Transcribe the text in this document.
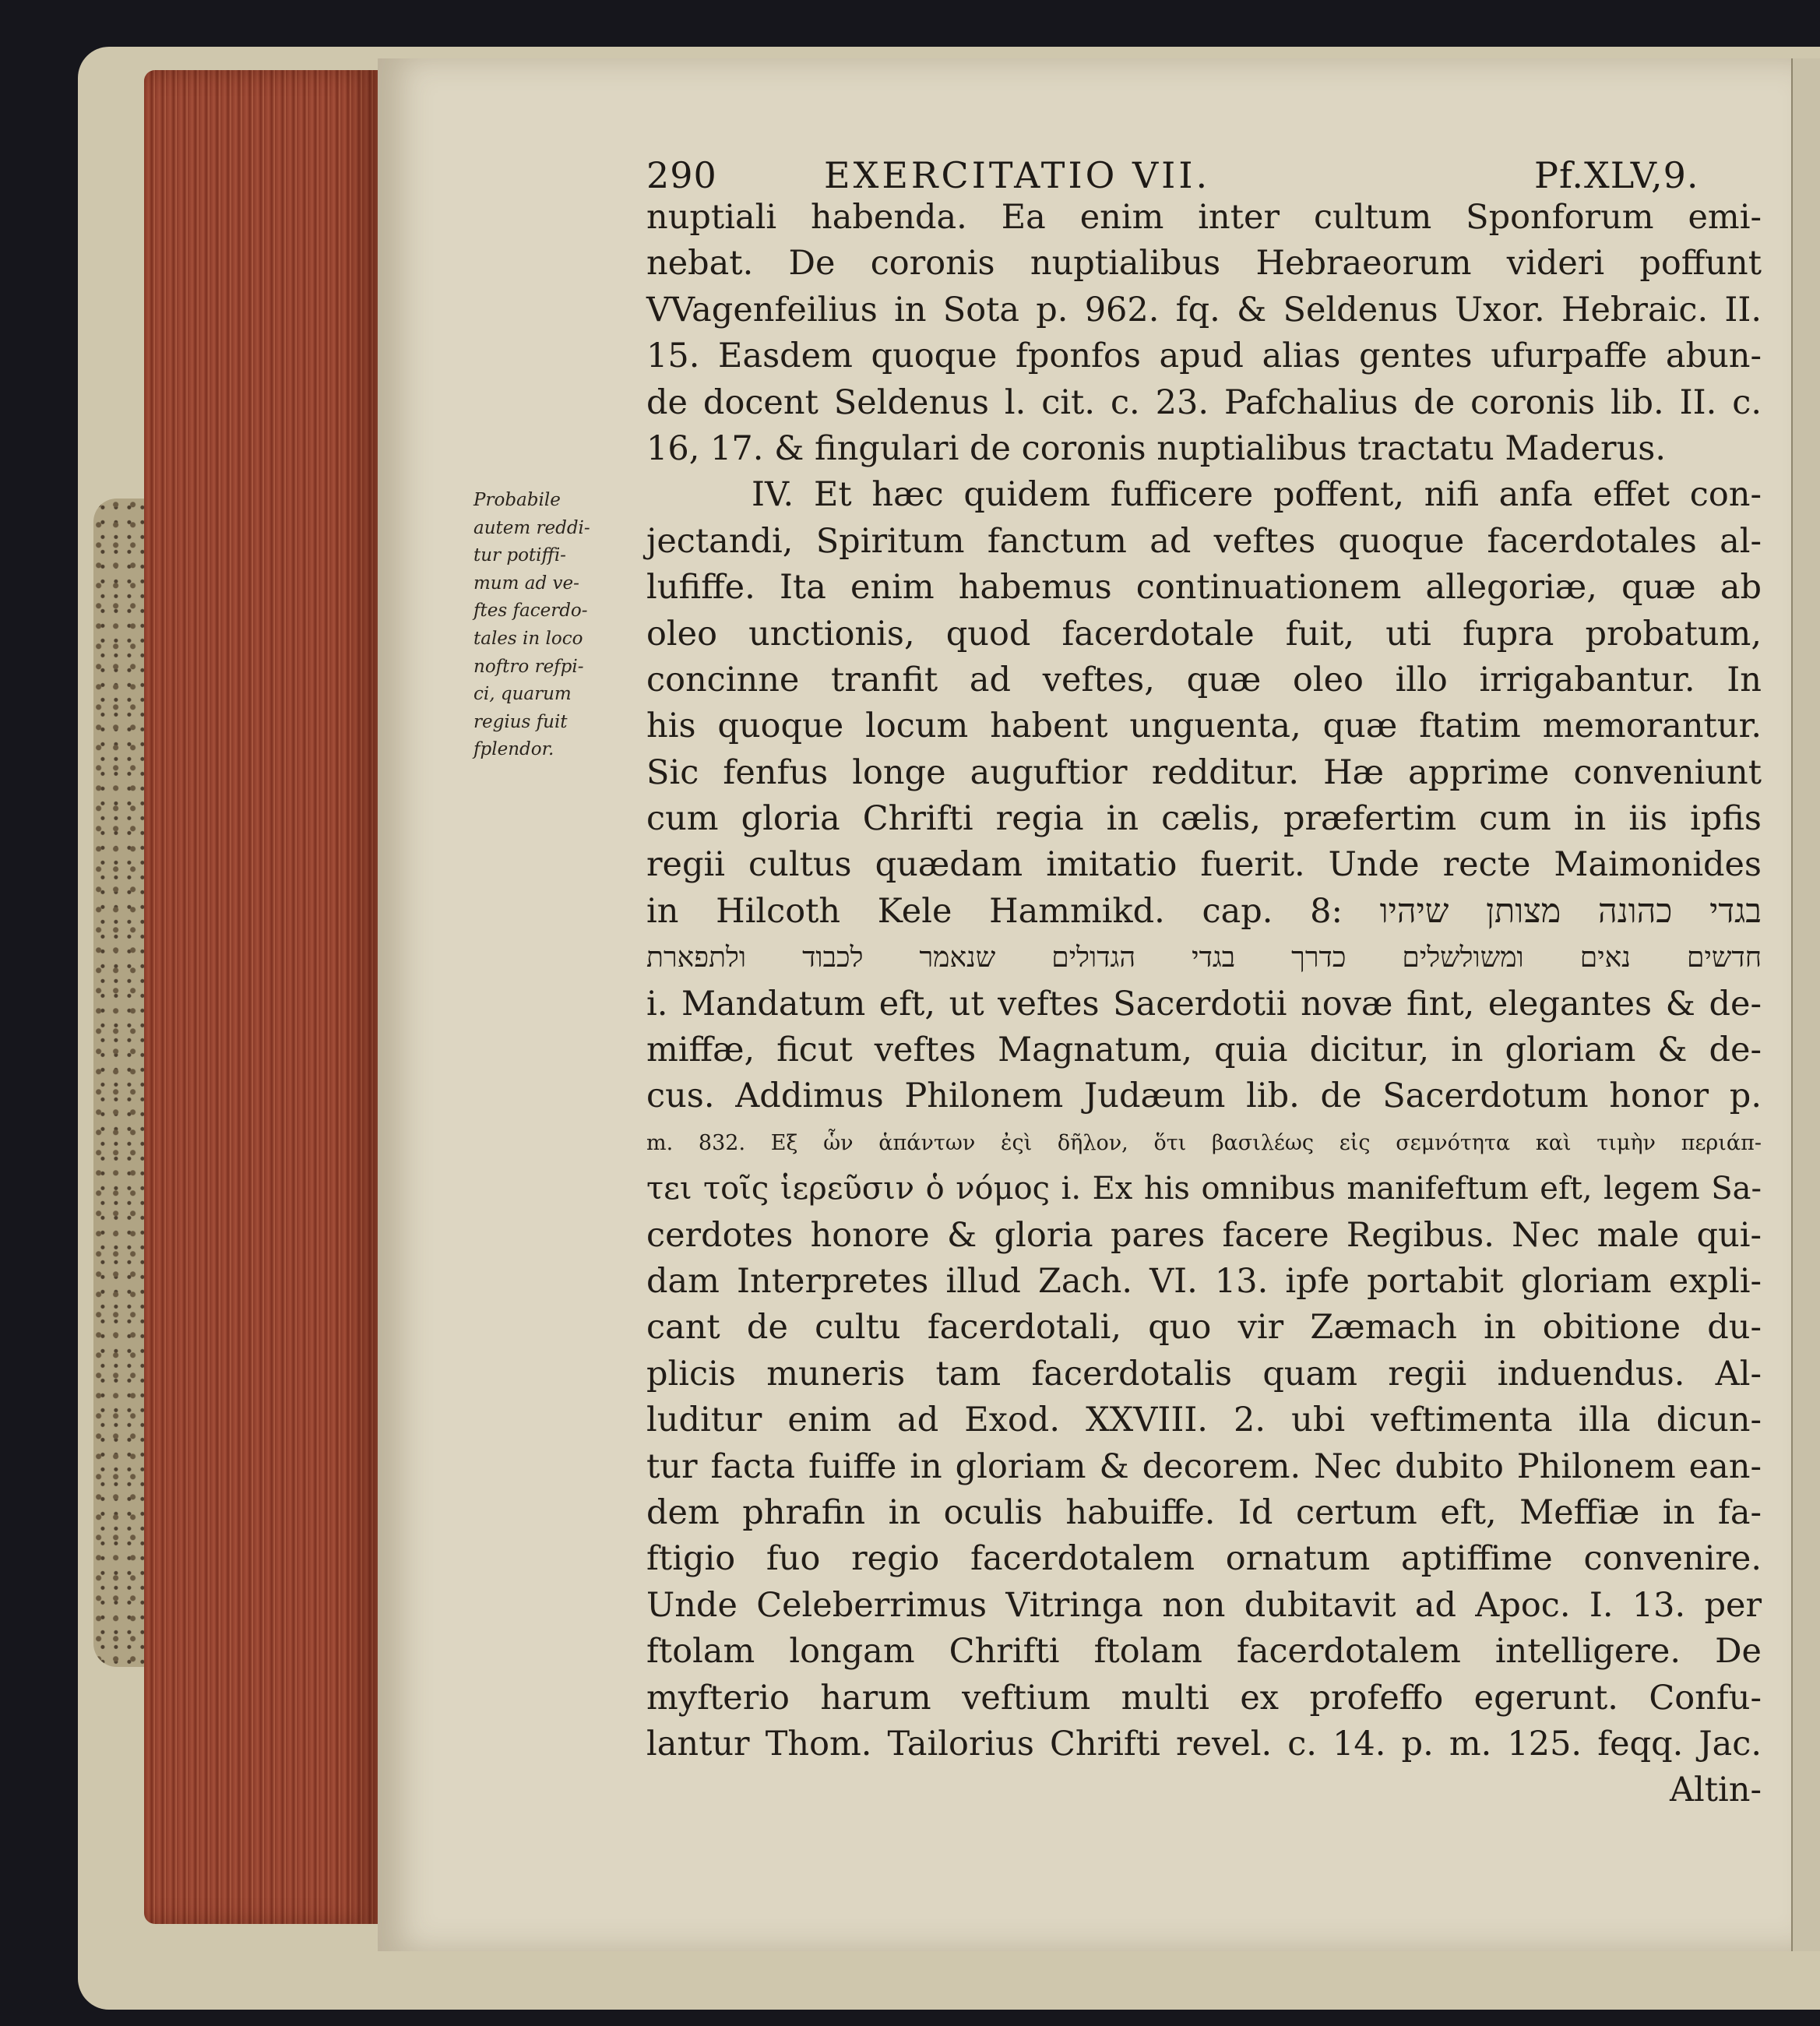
290	EXERCITATIO VII.	Pf.XLV,9.
Probabile
autem reddi-
tur potiffi-
mum ad ve-
ftes facerdo-
tales in loco
noftro refpi-
ci, quarum
regius fuit
fplendor.
nuptiali habenda. Ea enim inter cultum Sponforum emi-
nebat. De coronis nuptialibus Hebraeorum videri poffunt
VVagenfeilius in Sota p. 962. fq. & Seldenus Uxor. Hebraic. II.
15. Easdem quoque fponfos apud alias gentes ufurpaffe abun-
de docent Seldenus l. cit. c. 23. Pafchalius de coronis lib. II. c.
16, 17. & fingulari de coronis nuptialibus tractatu Maderus.
IV. Et hæc quidem fufficere poffent, nifi anfa effet con-
jectandi, Spiritum fanctum ad veftes quoque facerdotales al-
lufiffe. Ita enim habemus continuationem allegoriæ, quæ ab
oleo unctionis, quod facerdotale fuit, uti fupra probatum,
concinne tranfit ad veftes, quæ oleo illo irrigabantur. In
his quoque locum habent unguenta, quæ ftatim memorantur.
Sic fenfus longe auguftior redditur. Hæ apprime conveniunt
cum gloria Chrifti regia in cælis, præfertim cum in iis ipfis
regii cultus quædam imitatio fuerit. Unde recte Maimonides
in Hilcoth Kele Hammikd. cap. 8: בגדי כהונה מצותן שיהיו
חדשים נאים ומשולשלים כדרך בגדי הגדולים שנאמר לכבוד ולתפארת
i. Mandatum eft, ut veftes Sacerdotii novæ fint, elegantes & de-
miffæ, ficut veftes Magnatum, quia dicitur, in gloriam & de-
cus. Addimus Philonem Judæum lib. de Sacerdotum honor p.
m. 832. Εξ ὧν ἁπάντων ἐςὶ δῆλον, ὅτι βασιλέως εἰς σεμνότητα καὶ τιμὴν περιάπ-
τει τοῖς ἱερεῦσιν ὁ νόμος i. Ex his omnibus manifeftum eft, legem Sa-
cerdotes honore & gloria pares facere Regibus. Nec male qui-
dam Interpretes illud Zach. VI. 13. ipfe portabit gloriam expli-
cant de cultu facerdotali, quo vir Zæmach in obitione du-
plicis muneris tam facerdotalis quam regii induendus. Al-
luditur enim ad Exod. XXVIII. 2. ubi veftimenta illa dicun-
tur facta fuiffe in gloriam & decorem. Nec dubito Philonem ean-
dem phrafin in oculis habuiffe. Id certum eft, Meffiæ in fa-
ftigio fuo regio facerdotalem ornatum aptiffime convenire.
Unde Celeberrimus Vitringa non dubitavit ad Apoc. I. 13. per
ftolam longam Chrifti ftolam facerdotalem intelligere. De
myfterio harum veftium multi ex profeffo egerunt. Confu-
lantur Thom. Tailorius Chrifti revel. c. 14. p. m. 125. feqq. Jac.
Altin-
